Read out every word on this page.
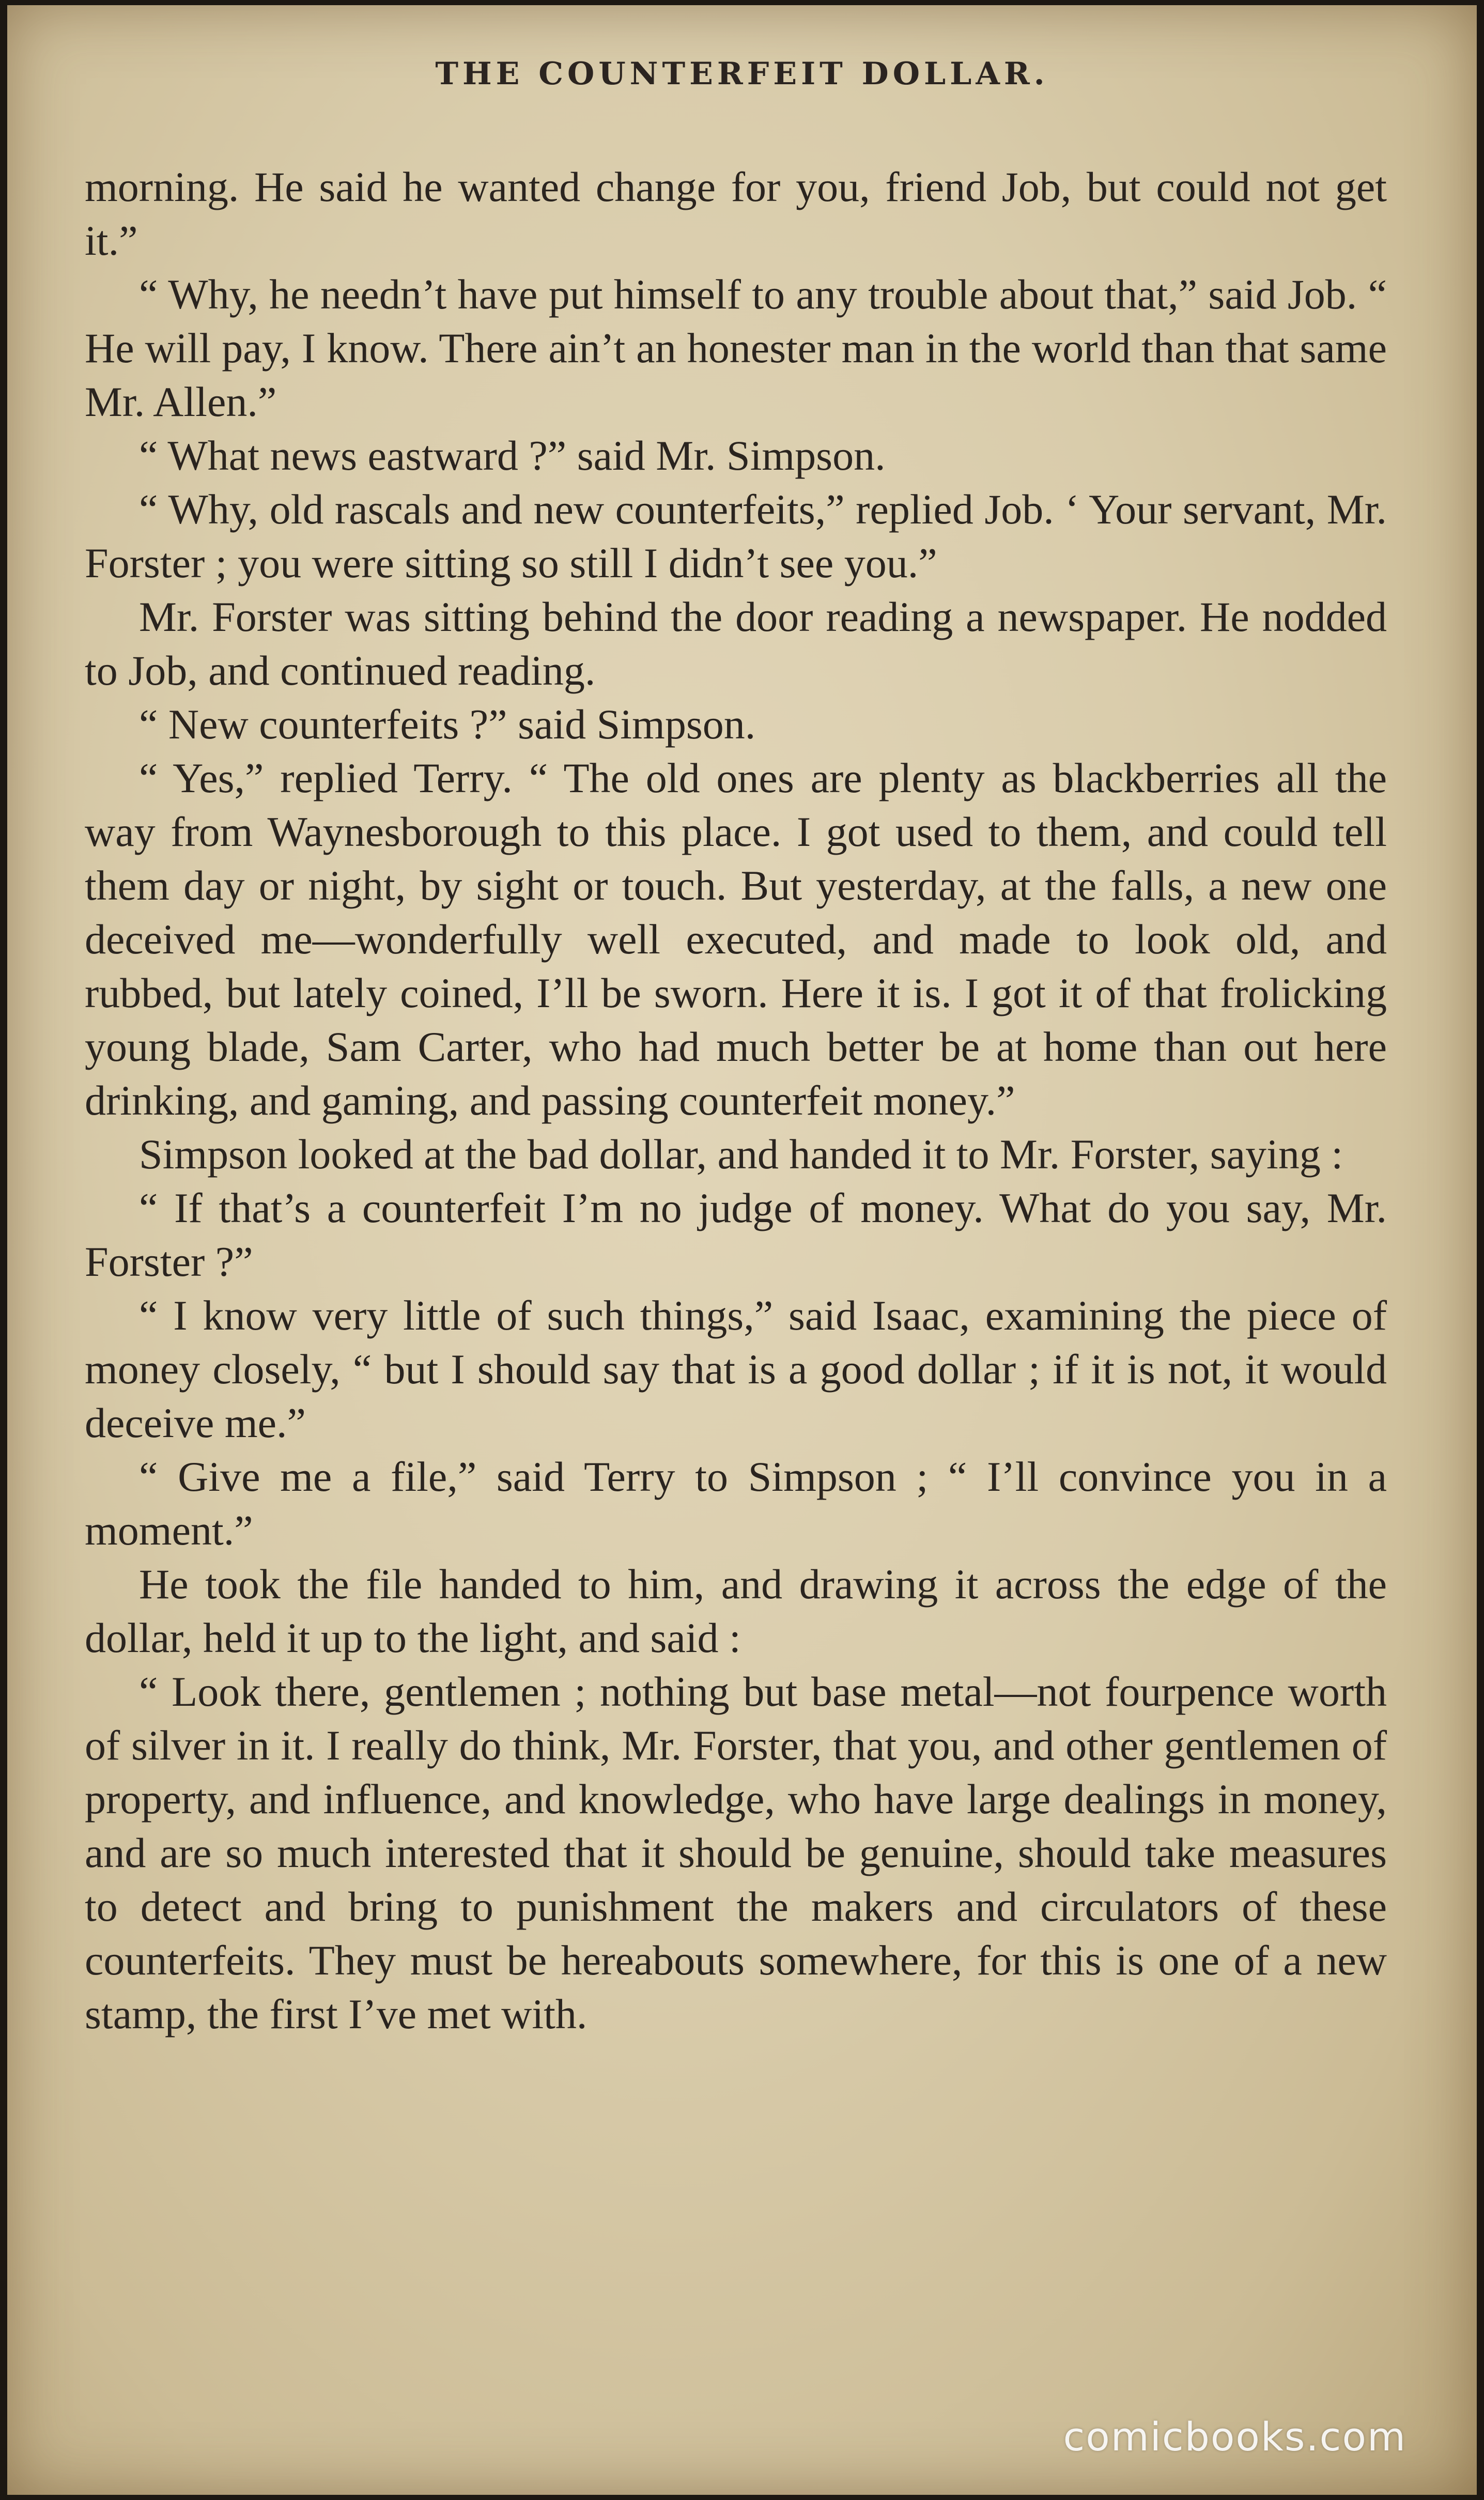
THE COUNTERFEIT DOLLAR.

morning. He said he wanted change for you, friend Job, but could not get it.”

“ Why, he needn’t have put himself to any trouble about that,” said Job. “ He will pay, I know. There ain’t an honester man in the world than that same Mr. Allen.”

“ What news eastward ?” said Mr. Simpson.

“ Why, old rascals and new counterfeits,” replied Job. ‘ Your servant, Mr. Forster ; you were sitting so still I didn’t see you.”

Mr. Forster was sitting behind the door reading a newspaper. He nodded to Job, and continued reading.

“ New counterfeits ?” said Simpson.

“ Yes,” replied Terry. “ The old ones are plenty as blackberries all the way from Waynesborough to this place. I got used to them, and could tell them day or night, by sight or touch. But yesterday, at the falls, a new one deceived me—wonderfully well executed, and made to look old, and rubbed, but lately coined, I’ll be sworn. Here it is. I got it of that frolicking young blade, Sam Carter, who had much better be at home than out here drinking, and gaming, and passing counterfeit money.”

Simpson looked at the bad dollar, and handed it to Mr. Forster, saying :

“ If that’s a counterfeit I’m no judge of money. What do you say, Mr. Forster ?”

“ I know very little of such things,” said Isaac, examining the piece of money closely, “ but I should say that is a good dollar ; if it is not, it would deceive me.”

“ Give me a file,” said Terry to Simpson ; “ I’ll convince you in a moment.”

He took the file handed to him, and drawing it across the edge of the dollar, held it up to the light, and said :

“ Look there, gentlemen ; nothing but base metal—not fourpence worth of silver in it. I really do think, Mr. Forster, that you, and other gentlemen of property, and influence, and knowledge, who have large dealings in money, and are so much interested that it should be genuine, should take measures to detect and bring to punishment the makers and circulators of these counterfeits. They must be hereabouts somewhere, for this is one of a new stamp, the first I’ve met with.

comicbooks.com
